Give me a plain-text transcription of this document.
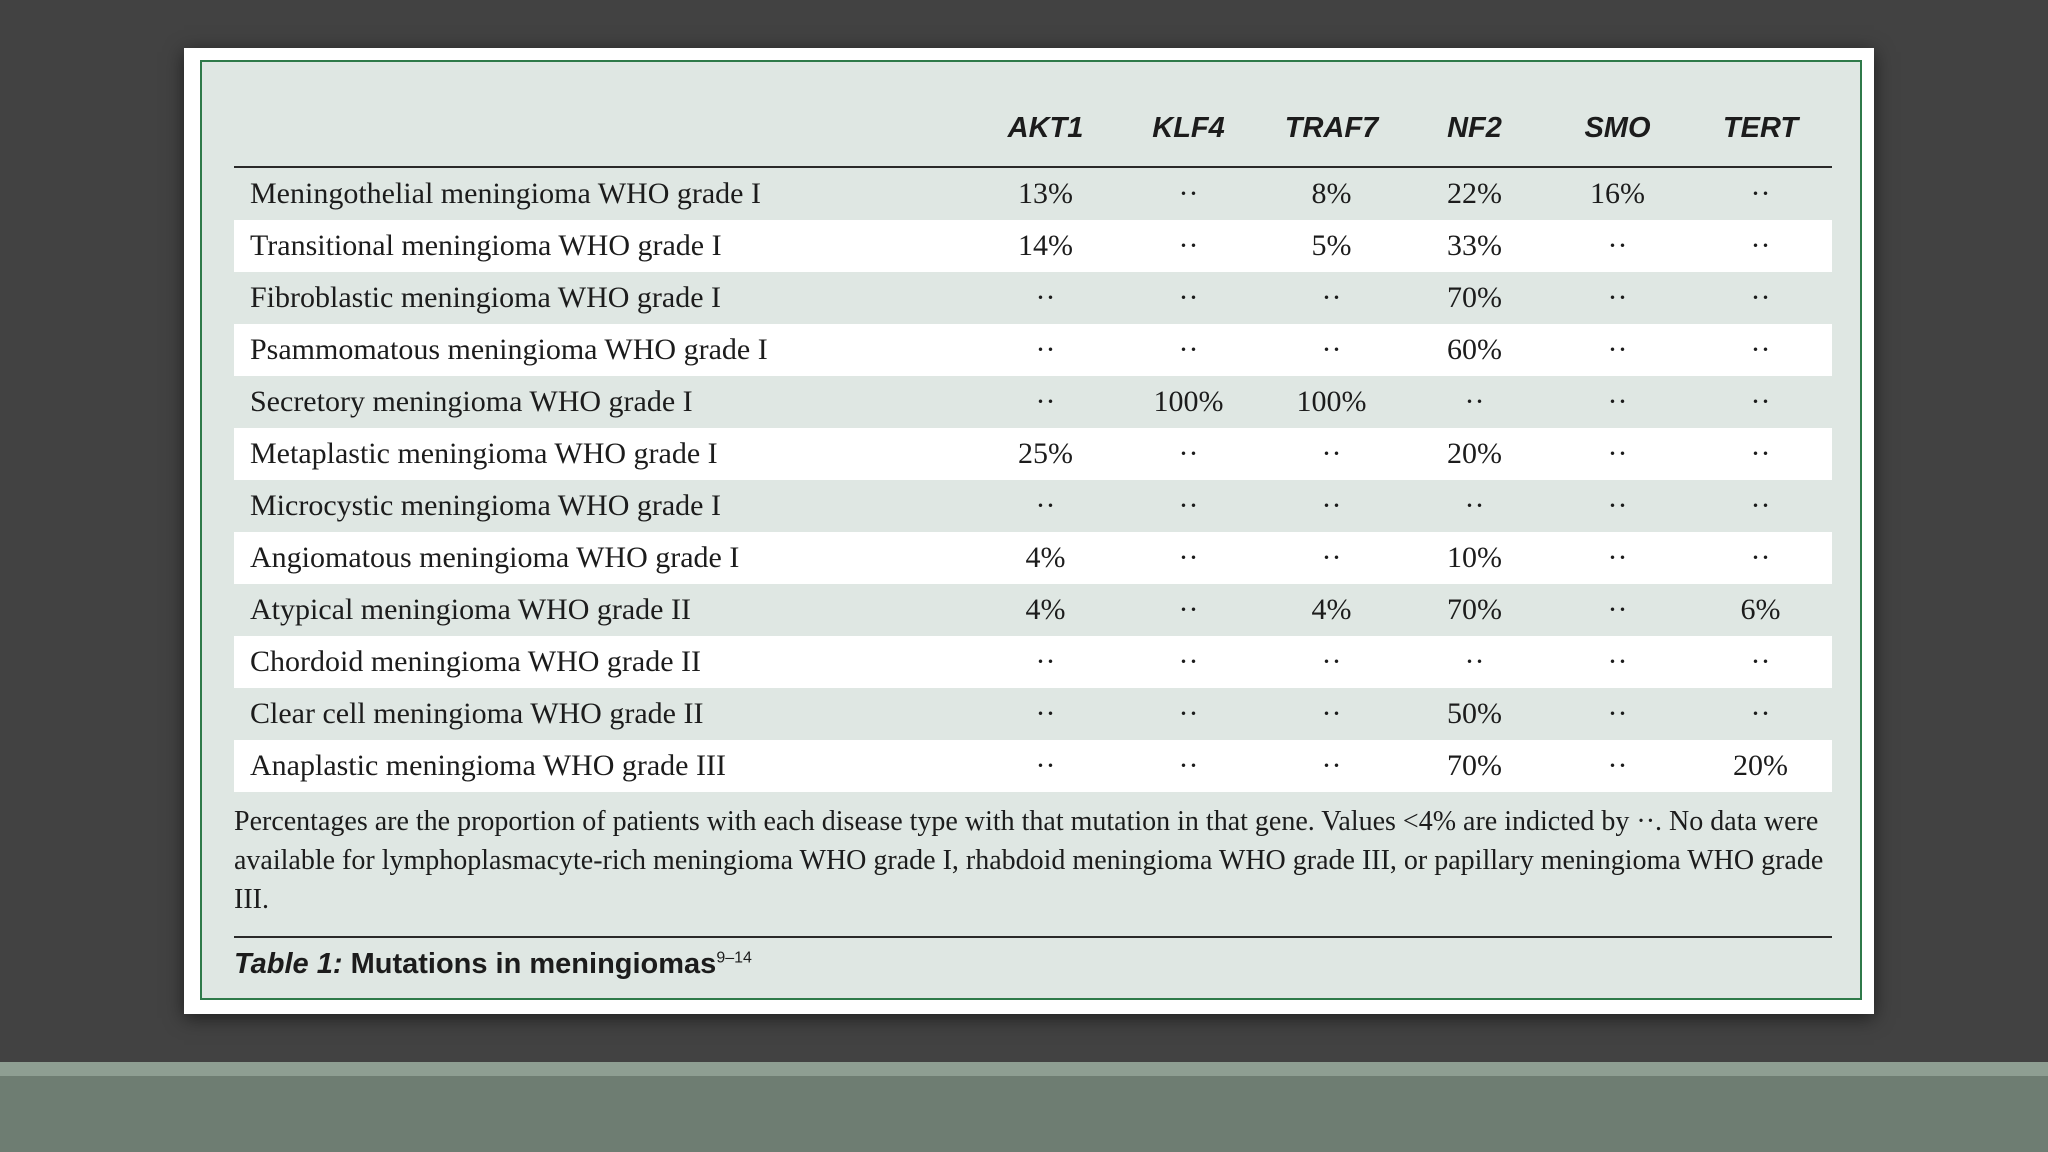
	AKT1	KLF4	TRAF7	NF2	SMO	TERT
Meningothelial meningioma WHO grade I	13%	··	8%	22%	16%	··
Transitional meningioma WHO grade I	14%	··	5%	33%	··	··
Fibroblastic meningioma WHO grade I	··	··	··	70%	··	··
Psammomatous meningioma WHO grade I	··	··	··	60%	··	··
Secretory meningioma WHO grade I	··	100%	100%	··	··	··
Metaplastic meningioma WHO grade I	25%	··	··	20%	··	··
Microcystic meningioma WHO grade I	··	··	··	··	··	··
Angiomatous meningioma WHO grade I	4%	··	··	10%	··	··
Atypical meningioma WHO grade II	4%	··	4%	70%	··	6%
Chordoid meningioma WHO grade II	··	··	··	··	··	··
Clear cell meningioma WHO grade II	··	··	··	50%	··	··
Anaplastic meningioma WHO grade III	··	··	··	70%	··	20%
Percentages are the proportion of patients with each disease type with that mutation in that gene. Values <4% are indicted by ··. No data were available for lymphoplasmacyte-rich meningioma WHO grade I, rhabdoid meningioma WHO grade III, or papillary meningioma WHO grade III.
Table 1: Mutations in meningiomas$^{9-14}$
